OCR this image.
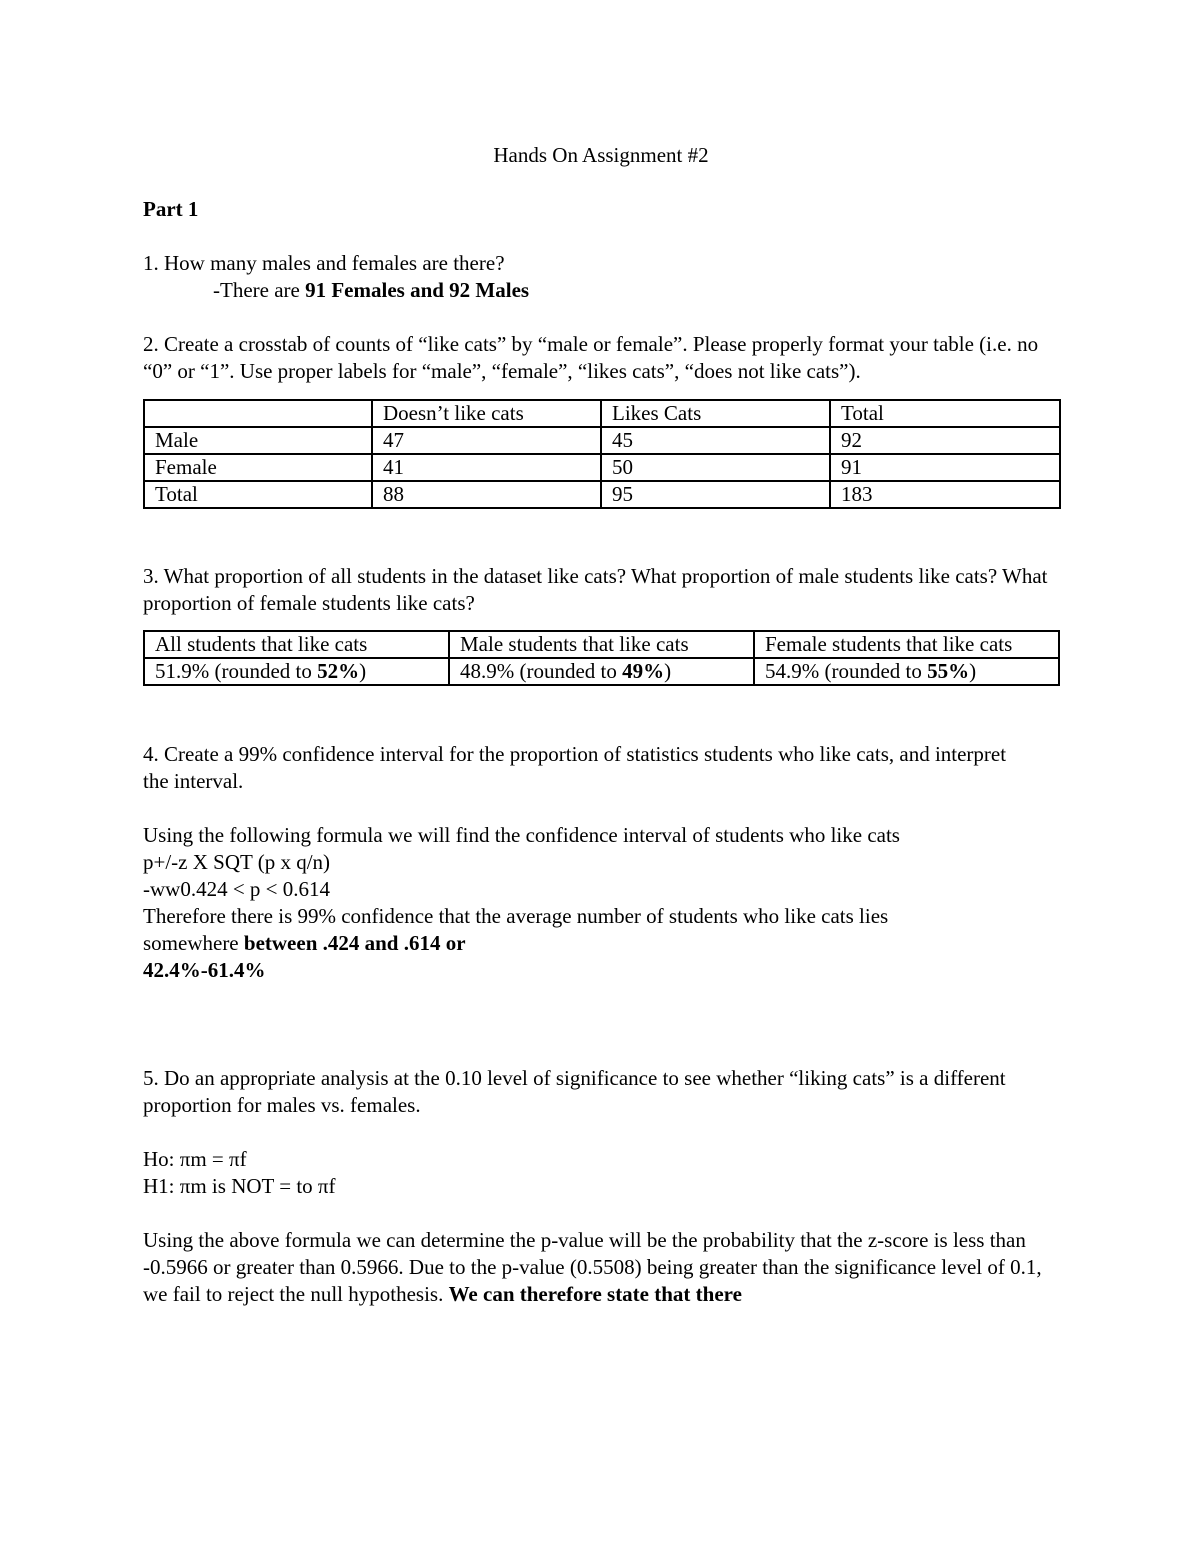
Hands On Assignment #2

Part 1

1. How many males and females are there?

-There are 91 Females and 92 Males

2. Create a crosstab of counts of “like cats” by “male or female”. Please properly format your table (i.e. no “0” or “1”. Use proper labels for “male”, “female”, “likes cats”, “does not like cats”).

	Doesn’t like cats	Likes Cats	Total
Male	47	45	92
Female	41	50	91
Total	88	95	183

3. What proportion of all students in the dataset like cats? What proportion of male students like cats? What proportion of female students like cats?

All students that like cats	Male students that like cats	Female students that like cats
51.9% (rounded to 52%)	48.9% (rounded to 49%)	54.9% (rounded to 55%)

4. Create a 99% confidence interval for the proportion of statistics students who like cats, and interpret the interval.

Using the following formula we will find the confidence interval of students who like cats

p+/-z X SQT (p x q/n)

-ww0.424 < p < 0.614

Therefore there is 99% confidence that the average number of students who like cats lies

somewhere between .424 and .614 or

42.4%-61.4%

5. Do an appropriate analysis at the 0.10 level of significance to see whether “liking cats” is a different proportion for males vs. females.

Ho: πm = πf

H1: πm is NOT = to πf

Using the above formula we can determine the p-value will be the probability that the z-score is less than -0.5966 or greater than 0.5966. Due to the p-value (0.5508) being greater than the significance level of 0.1, we fail to reject the null hypothesis. We can therefore state that there
